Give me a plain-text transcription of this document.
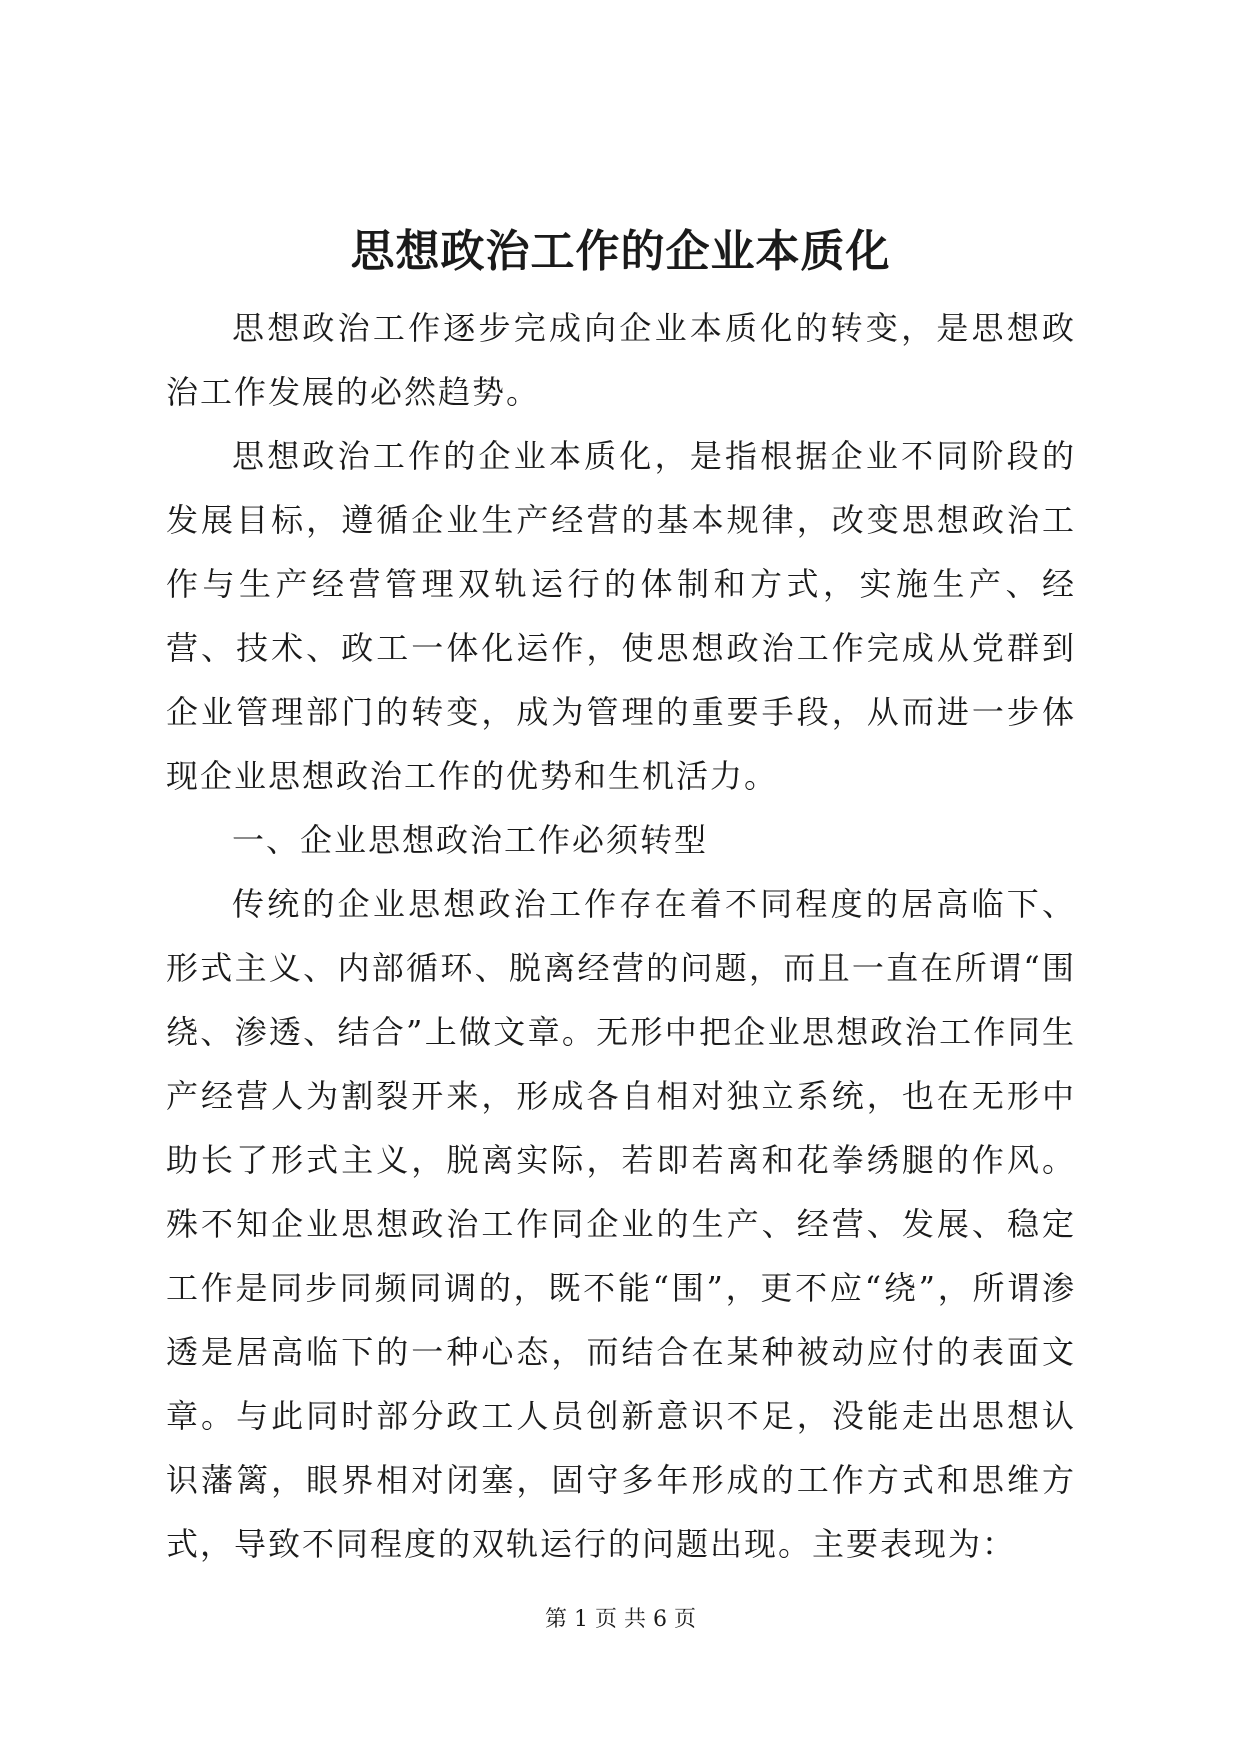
思想政治工作的企业本质化

思想政治工作逐步完成向企业本质化的转变，是思想政治工作发展的必然趋势。

思想政治工作的企业本质化，是指根据企业不同阶段的发展目标，遵循企业生产经营的基本规律，改变思想政治工作与生产经营管理双轨运行的体制和方式，实施生产、经营、技术、政工一体化运作，使思想政治工作完成从党群到企业管理部门的转变，成为管理的重要手段，从而进一步体现企业思想政治工作的优势和生机活力。

一、企业思想政治工作必须转型

传统的企业思想政治工作存在着不同程度的居高临下、形式主义、内部循环、脱离经营的问题，而且一直在所谓“围绕、渗透、结合”上做文章。无形中把企业思想政治工作同生产经营人为割裂开来，形成各自相对独立系统，也在无形中助长了形式主义，脱离实际，若即若离和花拳绣腿的作风。殊不知企业思想政治工作同企业的生产、经营、发展、稳定工作是同步同频同调的，既不能“围”，更不应“绕”，所谓渗透是居高临下的一种心态，而结合在某种被动应付的表面文章。与此同时部分政工人员创新意识不足，没能走出思想认识藩篱，眼界相对闭塞，固守多年形成的工作方式和思维方式，导致不同程度的双轨运行的问题出现。主要表现为：

第 1 页 共 6 页
